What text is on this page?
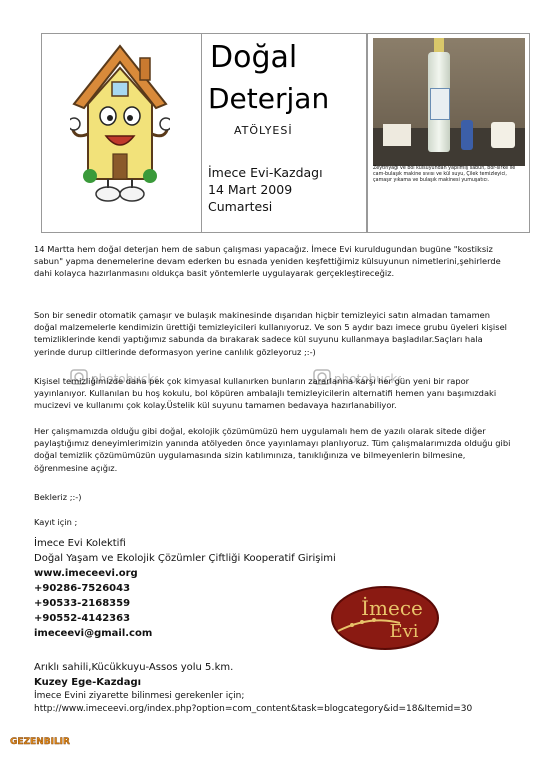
Doğal
Deterjan
ATÖLYESİ
İmece Evi-Kazdagı
14 Mart 2009
Cumartesi
Zeytinyağı ve bol külsuyundan yapılmış sabun, bor-sirke ile cam-bulaşık makine sıvısı ve kül suyu, Çilek temizleyici, çamaşır yıkama ve bulaşık makinesi yumuşatıcı.
14 Martta hem doğal deterjan hem de sabun çalışması yapacağız. İmece Evi kuruldugundan bugüne "kostiksiz sabun" yapma denemelerine devam ederken bu esnada yeniden keşfettiğimiz külsuyunun nimetlerini,şehirlerde dahi kolayca hazırlanmasını oldukça basit yöntemlerle uygulayarak gerçekleştireceğiz.
Son bir senedir otomatik çamaşır ve bulaşık makinesinde dışarıdan hiçbir temizleyici satın almadan tamamen doğal malzemelerle kendimizin ürettiği temizleyicileri kullanıyoruz. Ve son 5 aydır bazı imece grubu üyeleri kişisel temizliklerinde kendi yaptığımız sabunda da bırakarak sadece kül suyunu kullanmaya başladılar.Saçları hala yerinde durup ciltlerinde deformasyon yerine canlılık gözleyoruz ;:-)
Kişisel temizliğimizde daha pek çok kimyasal kullanırken bunların zararlarına karşı her gün yeni bir rapor yayınlanıyor. Kullanılan bu hoş kokulu, bol köpüren ambalajlı temizleyicilerin alternatifi hemen yanı başımızdaki mucizevi ve kullanımı çok kolay.Üstelik kül suyunu tamamen bedavaya hazırlanabiliyor.
Her çalışmamızda olduğu gibi doğal, ekolojik çözümümüzü hem uygulamalı hem de yazılı olarak sitede diğer paylaştığımız deneyimlerimizin yanında atölyeden önce yayınlamayı planlıyoruz. Tüm çalışmalarımızda olduğu gibi doğal temizlik çözümümüzün uygulamasında sizin katılımınıza, tanıklığınıza ve bilmeyenlerin bilmesine, öğrenmesine açığız.
Bekleriz ;:-)
Kayıt için ;
photobucke	photobucke
İmece Evi Kolektifi
Doğal Yaşam ve Ekolojik Çözümler Çiftliği Kooperatif Girişimi
www.imeceevi.org
+90286-7526043
+90533-2168359
+90552-4142363
imeceevi@gmail.com
Arıklı sahili,Kücükkuyu-Assos yolu 5.km.
Kuzey Ege-Kazdagı
İmece Evini ziyarette bilinmesi gerekenler için;
http://www.imeceevi.org/index.php?option=com_content&task=blogcategory&id=18&Itemid=30
İmece
Evi
GEZENBILIR
